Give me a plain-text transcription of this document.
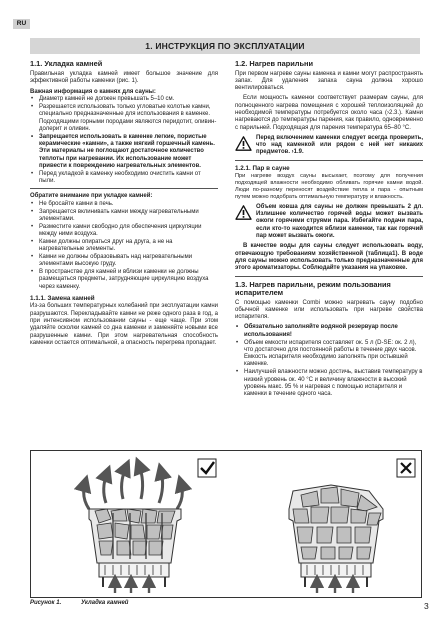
RU
1. ИНСТРУКЦИЯ ПО ЭКСПЛУАТАЦИИ
1.1. Укладка камней

Правильная укладка камней имеет большое значение для эффективной работы каменки (рис. 1).

Важная информация о камнях для сауны:
• Диаметр камней не должен превышать 5–10 см.
• Разрешается использовать только угловатые колотые камни, специально предназначенные для использования в каменке. Подходящими горными породами являются перидотит, оливин-долерит и оливин.
• Запрещается использовать в каменке легкие, пористые керамические «камни», а также мягкий горшечный камень. Эти материалы не поглощают достаточное количество теплоты при нагревании. Их использование может привести к повреждению нагревательных элементов.
• Перед укладкой в каменку необходимо очистить камни от пыли.
Обратите внимание при укладке камней:
• Не бросайте камни в печь.
• Запрещается вклинивать камни между нагревательными элементами.
• Разместите камни свободно для обеспечения циркуляции между ними воздуха.
• Камни должны опираться друг на друга, а не на нагревательные элементы.
• Камни не должны образовывать над нагревательными элементами высокую груду.
• В пространстве для камней и вблизи каменки не должны размещаться предметы, затрудняющие циркуляцию воздуха через каменку.
1.1.1. Замена камней

Из-за больших температурных колебаний при эксплуатации камни разрушаются. Перекладывайте камни не реже одного раза в год, а при интенсивном использовании сауны - еще чаще. При этом удаляйте осколки камней со дна каменки и заменяйте новыми все разрушенные камни. При этом нагревательная способность каменки остается оптимальной, а опасность перегрева пропадает.

1.2. Нагрев парильни

При первом нагреве сауны каменка и камни могут распространять запах. Для удаления запаха сауна должна хорошо вентилироваться.

Если мощность каменки соответствует размерам сауны, для полноценного нагрева помещения с хорошей теплоизоляцией до необходимой температуры потребуется около часа (›2.3.). Камни нагреваются до температуры парения, как правило, одновременно с парильней. Подходящая для парения температура 65–80 °С.

Перед включением каменки следует всегда проверить, что над каменкой или рядом с ней нет никаких предметов. ›1.9.
1.2.1. Пар в сауне

При нагреве воздух сауны высыхает, поэтому для получения подходящей влажности необходимо обливать горячие камни водой. Люди по-разному переносят воздействие тепла и пара - опытным путем можно подобрать оптимальную температуру и влажность.

Объем ковша для сауны не должен превышать 2 дл. Излишнее количество горячей воды может вызвать ожоги горячими струями пара. Избегайте подачи пара, если кто-то находится вблизи каменки, так как горячий пар может вызвать ожоги.

В качестве воды для сауны следует использовать воду, отвечающую требованиям хозяйственной (таблица1). В воде для сауны можно использовать только предназначенные для этого ароматизаторы. Соблюдайте указания на упаковке.

1.3. Нагрев парильни, режим пользования испарителем

С помощью каменки Combi можно нагревать сауну подобно обычной каменке или использовать при нагреве свойства испарителя.

• Обязательно заполняйте водяной резервуар после использования!
• Объем емкости испарителя составляет ок. 5 л (D-SE: ок. 2 л), что достаточно для постоянной работы в течение двух часов. Емкость испарителя необходимо заполнять при остывшей каменке.
• Наилучшей влажности можно достичь, выставив температуру в низкий уровень ок. 40 °C и величину влажности в высокий уровень макс. 95 % и нагревая с помощью испарителя и каменки в течение одного часа.
Рисунок 1.	Укладка камней	3
